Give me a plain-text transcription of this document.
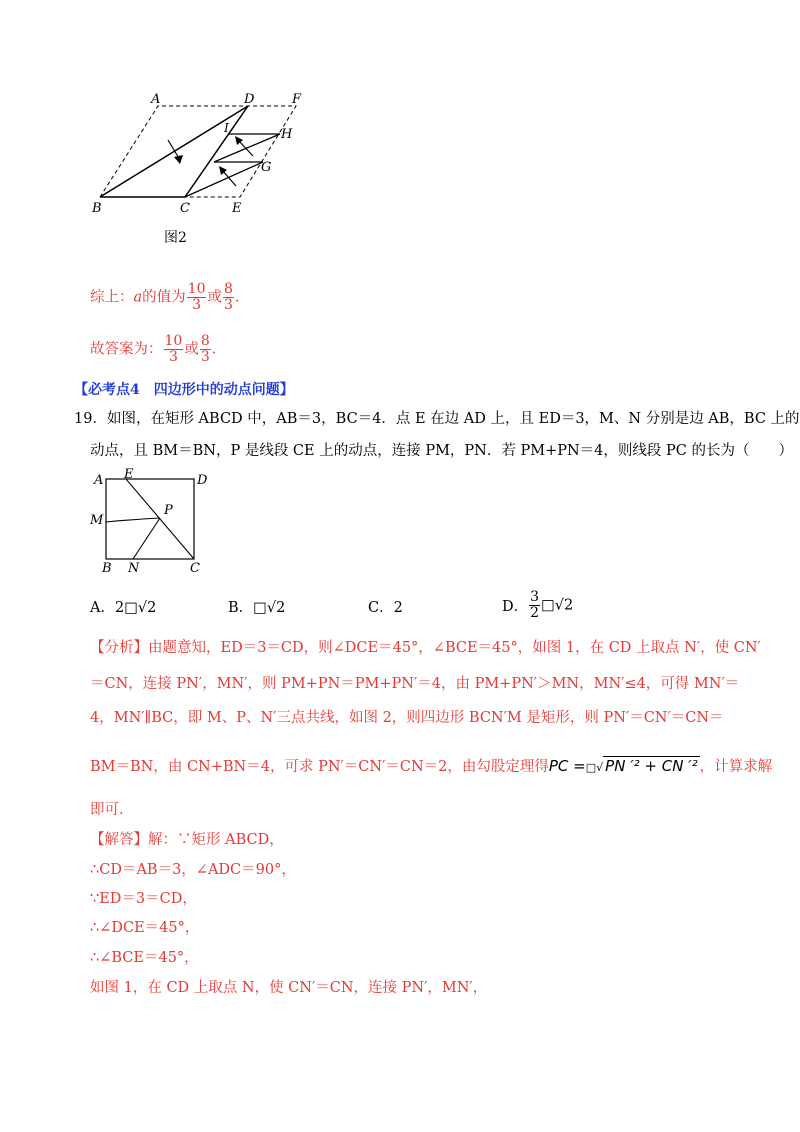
A	D	F
I	H
G
B	C	E
图2
综上：a的值为 $\frac{10}{3}$ 或 $\frac{8}{3}$ .
故答案为： $\frac{10}{3}$ 或 $\frac{8}{3}$ .
【必考点4　四边形中的动点问题】
19．如图，在矩形 ABCD 中，AB＝3，BC＝4．点 E 在边 AD 上，且 ED＝3，M、N 分别是边 AB，BC 上的
动点，且 BM＝BN，P 是线段 CE 上的动点，连接 PM，PN．若 PM+PN＝4，则线段 PC 的长为（　　）
A E	D
M
P
B N	C
A．2□√2	B．□√2	C．2	D． $\frac{3}{2}$ □√2
【分析】由题意知，ED＝3＝CD，则∠DCE＝45°，∠BCE＝45°，如图 1，在 CD 上取点 N′，使 CN′
＝CN，连接 PN′，MN′，则 PM+PN＝PM+PN′＝4，由 PM+PN′＞MN，MN′≤4，可得 MN′＝
4，MN′∥BC，即 M、P、N′三点共线，如图 2，则四边形 BCN′M 是矩形，则 PN′＝CN′＝CN＝
BM＝BN，由 CN+BN＝4，可求 PN′＝CN′＝CN＝2，由勾股定理得PC =□√ PN ′² + CN ′² ，计算求解
即可.
【解答】解：∵矩形 ABCD，
∴CD＝AB＝3，∠ADC＝90°，
∵ED＝3＝CD，
∴∠DCE＝45°，
∴∠BCE＝45°，
如图 1，在 CD 上取点 N，使 CN′＝CN，连接 PN′，MN′，
